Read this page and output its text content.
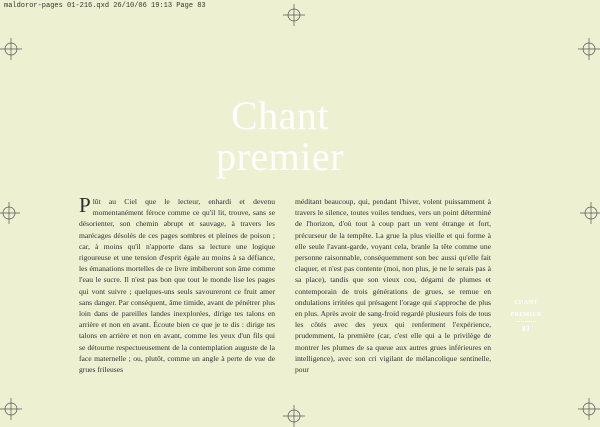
maldoror-pages 01-216.qxd 26/10/06 19:13 Page 83
Chant
premier
Plût au Ciel que le lecteur, enhardi et devenu momentanément féroce comme ce qu'il lit, trouve, sans se désorienter, son chemin abrupt et sauvage, à travers les marécages désolés de ces pages sombres et pleines de poison ; car, à moins qu'il n'apporte dans sa lecture une logique rigoureuse et une tension d'esprit égale au moins à sa défiance, les émanations mortelles de ce livre imbiberont son âme comme l'eau le sucre. Il n'est pas bon que tout le monde lise les pages qui vont suivre ; quelques-uns seuls savoureront ce fruit amer sans danger. Par conséquent, âme timide, avant de pénétrer plus loin dans de pareilles landes inexplorées, dirige tes talons en arrière et non en avant. Écoute bien ce que je te dis : dirige tes talons en arrière et non en avant, comme les yeux d'un fils qui se détourne respectueusement de la contemplation auguste de la face maternelle ; ou, plutôt, comme un angle à perte de vue de grues frileuses
méditant beaucoup, qui, pendant l'hiver, volent puissamment à travers le silence, toutes voiles tendues, vers un point déterminé de l'horizon, d'où tout à coup part un vent étrange et fort, précurseur de la tempête. La grue la plus vieille et qui forme à elle seule l'avant-garde, voyant cela, branle la tête comme une personne raisonnable, conséquemment son bec aussi qu'elle fait claquer, et n'est pas contente (moi, non plus, je ne le serais pas à sa place), tandis que son vieux cou, dégarni de plumes et contemporain de trois générations de grues, se remue en ondulations irritées qui présagent l'orage qui s'approche de plus en plus. Après avoir de sang-froid regardé plusieurs fois de tous les côtés avec des yeux qui renferment l'expérience, prudemment, la première (car, c'est elle qui a le privilège de montrer les plumes de sa queue aux autres grues inférieures en intelligence), avec son cri vigilant de mélancolique sentinelle, pour
CHANT
PREMIER
83
